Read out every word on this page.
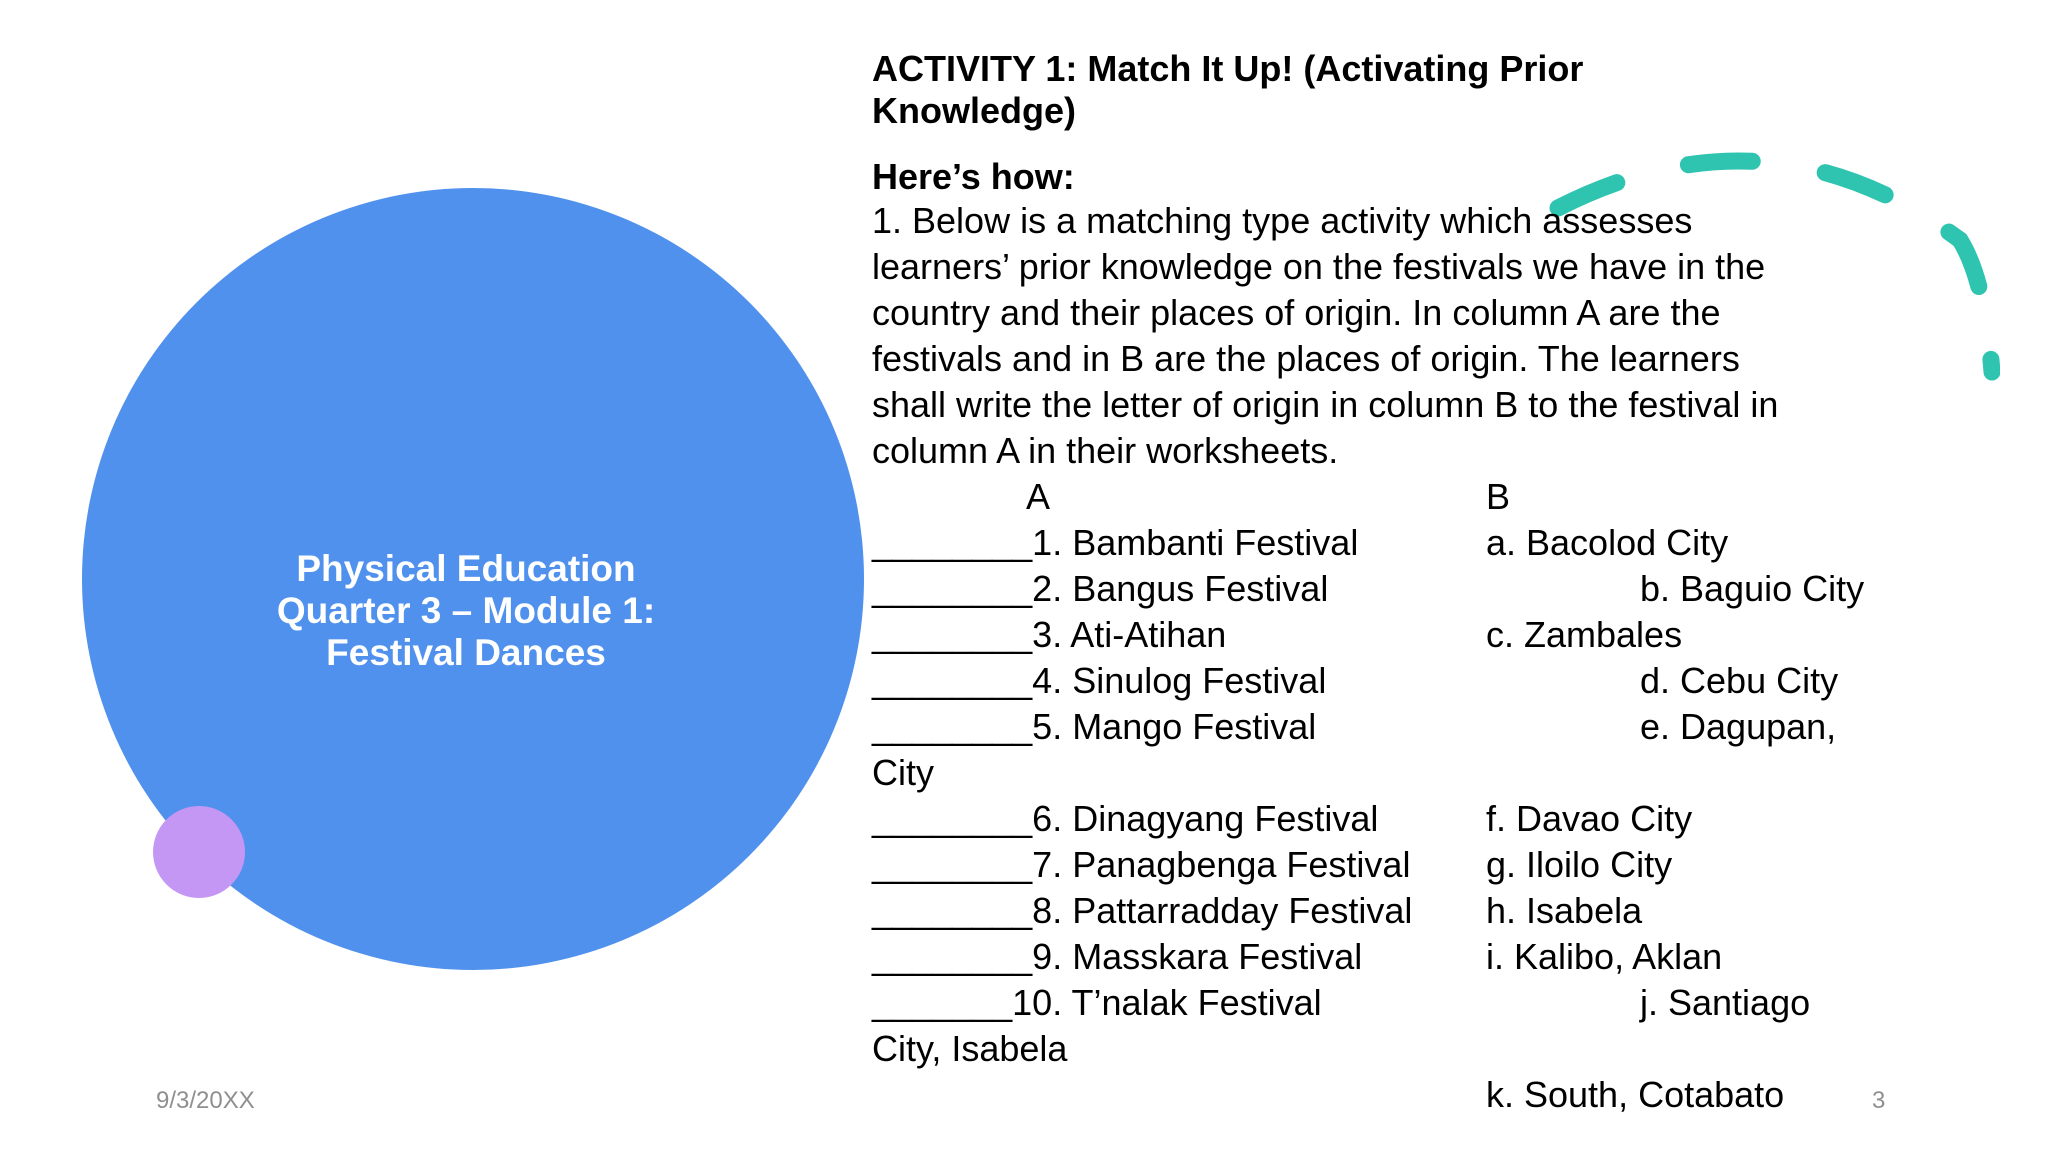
Physical Education
Quarter 3 – Module 1:
Festival Dances
ACTIVITY 1: Match It Up! (Activating Prior
Knowledge)
Here’s how:
1. Below is a matching type activity which assesses
learners’ prior knowledge on the festivals we have in the
country and their places of origin. In column A are the
festivals and in B are the places of origin. The learners
shall write the letter of origin in column B to the festival in
column A in their worksheets.
A	B
________1. Bambanti Festival	a. Bacolod City
________2. Bangus Festival	b. Baguio City
________3. Ati-Atihan	c. Zambales
________4. Sinulog Festival	d. Cebu City
________5. Mango Festival	e. Dagupan,
City
________6. Dinagyang Festival	f. Davao City
________7. Panagbenga Festival g. Iloilo City
________8. Pattarradday Festival h. Isabela
________9. Masskara Festival	i. Kalibo, Aklan
_______10. T’nalak Festival	j. Santiago
City, Isabela
k. South, Cotabato
9/3/20XX	3
